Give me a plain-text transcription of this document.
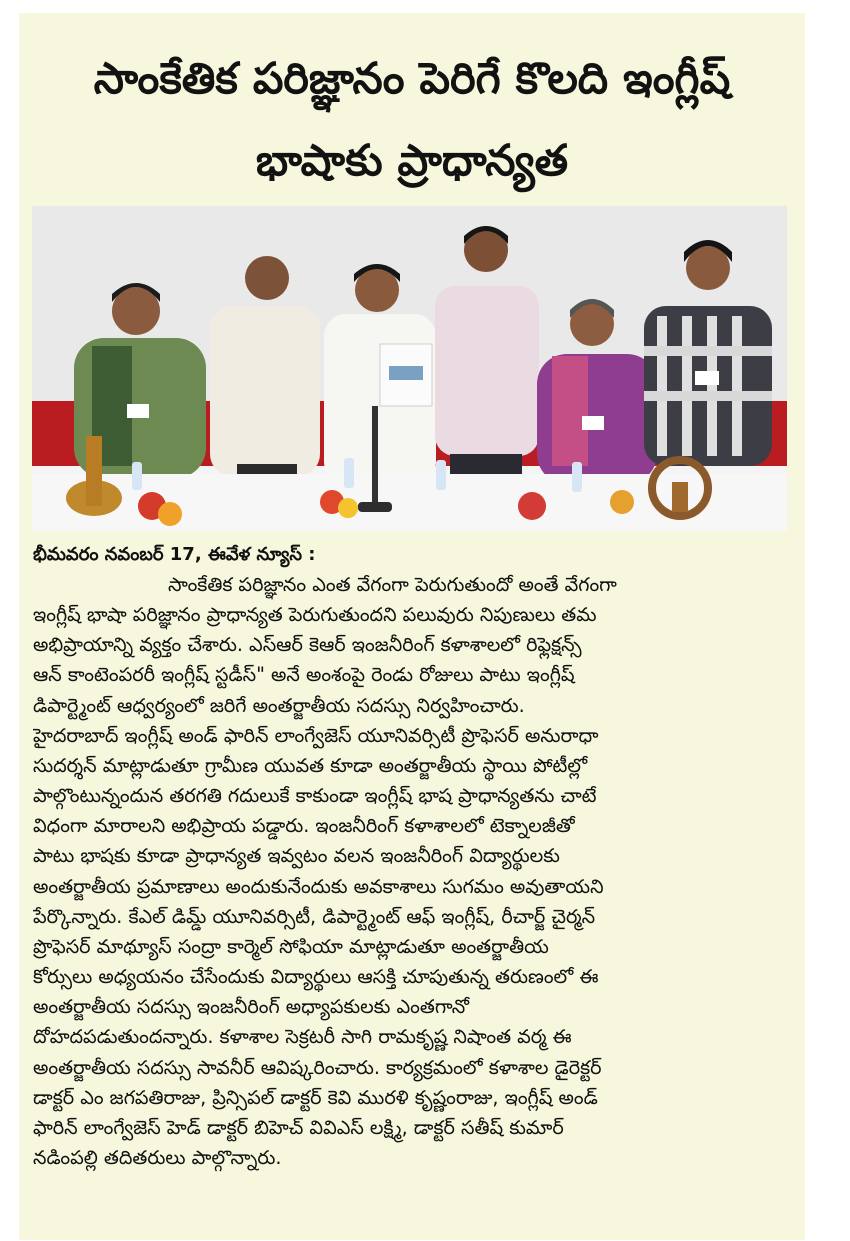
సాంకేతిక పరిజ్ఞానం పెరిగే కొలది ఇంగ్లీష్
భాషాకు ప్రాధాన్యత
భీమవరం నవంబర్ 17, ఈవేళ న్యూస్ :
సాంకేతిక పరిజ్ఞానం ఎంత వేగంగా పెరుగుతుందో అంతే వేగంగా
ఇంగ్లీష్ భాషా పరిజ్ఞానం ప్రాధాన్యత పెరుగుతుందని పలువురు నిపుణులు తమ
అభిప్రాయాన్ని వ్యక్తం చేశారు. ఎస్ఆర్ కెఆర్ ఇంజనీరింగ్ కళాశాలలో రిఫ్లెక్షన్స్
ఆన్ కాంటెంపరరీ ఇంగ్లీష్ స్టడీస్" అనే అంశంపై రెండు రోజులు పాటు ఇంగ్లీష్
డిపార్ట్మెంట్ ఆధ్వర్యంలో జరిగే అంతర్జాతీయ సదస్సు నిర్వహించారు.
హైదరాబాద్ ఇంగ్లీష్ అండ్ ఫారిన్ లాంగ్వేజెస్ యూనివర్సిటీ ప్రొఫెసర్ అనురాధా
సుదర్శన్ మాట్లాడుతూ గ్రామీణ యువత కూడా అంతర్జాతీయ స్థాయి పోటీల్లో
పాల్గొంటున్నందున తరగతి గదులుకే కాకుండా ఇంగ్లీష్ భాష ప్రాధాన్యతను చాటే
విధంగా మారాలని అభిప్రాయ పడ్డారు. ఇంజనీరింగ్ కళాశాలలో టెక్నాలజీతో
పాటు భాషకు కూడా ప్రాధాన్యత ఇవ్వటం వలన ఇంజనీరింగ్ విద్యార్థులకు
అంతర్జాతీయ ప్రమాణాలు అందుకునేందుకు అవకాశాలు సుగమం అవుతాయని
పేర్కొన్నారు. కేఎల్ డిమ్డ్ యూనివర్సిటీ, డిపార్ట్మెంట్ ఆఫ్ ఇంగ్లీష్, రీచార్జ్ చైర్మన్
ప్రొఫెసర్ మాథ్యూస్ సంద్రా కార్మెల్ సోఫియా మాట్లాడుతూ అంతర్జాతీయ
కోర్సులు అధ్యయనం చేసేందుకు విద్యార్థులు ఆసక్తి చూపుతున్న తరుణంలో ఈ
అంతర్జాతీయ సదస్సు ఇంజనీరింగ్ అధ్యాపకులకు ఎంతగానో
దోహదపడుతుందన్నారు. కళాశాల సెక్రటరీ సాగి రామకృష్ణ నిషాంత వర్మ ఈ
అంతర్జాతీయ సదస్సు సావనీర్ ఆవిష్కరించారు. కార్యక్రమంలో కళాశాల డైరెక్టర్
డాక్టర్ ఎం జగపతిరాజు, ప్రిన్సిపల్ డాక్టర్ కెవి మురళి కృష్ణంరాజు, ఇంగ్లీష్ అండ్
ఫారిన్ లాంగ్వేజెస్ హెడ్ డాక్టర్ బిహెచ్ వివిఎస్ లక్ష్మి, డాక్టర్ సతీష్ కుమార్
నడింపల్లి తదితరులు పాల్గొన్నారు.
